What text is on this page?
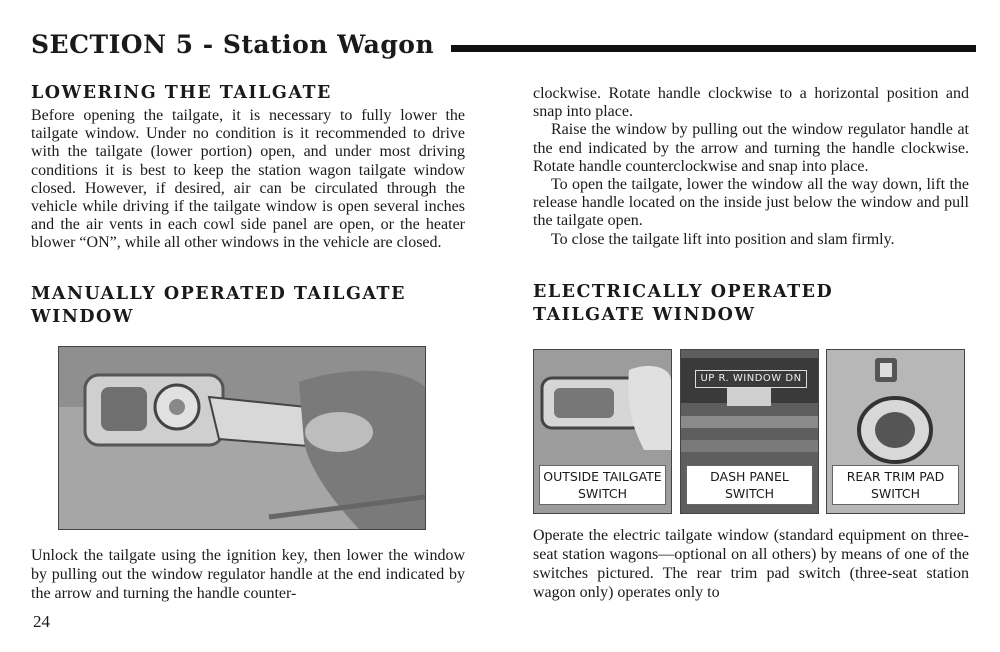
SECTION 5 - Station Wagon
LOWERING THE TAILGATE

Before opening the tailgate, it is necessary to fully lower the tailgate window. Under no condition is it recommended to drive with the tailgate (lower portion) open, and under most driving conditions it is best to keep the station wagon tailgate window closed. However, if desired, air can be circulated through the vehicle while driving if the tailgate window is open several inches and the air vents in each cowl side panel are open, or the heater blower “ON”, while all other windows in the vehicle are closed.

MANUALLY OPERATED TAILGATE
WINDOW

Unlock the tailgate using the ignition key, then lower the window by pulling out the window regulator handle at the end indicated by the arrow and turning the handle counter-

24

clockwise. Rotate handle clockwise to a horizontal position and snap into place.

Raise the window by pulling out the window regulator handle at the end indicated by the arrow and turning the handle clockwise. Rotate handle counterclockwise and snap into place.

To open the tailgate, lower the window all the way down, lift the release handle located on the inside just below the window and pull the tailgate open.

To close the tailgate lift into position and slam firmly.

ELECTRICALLY OPERATED
TAILGATE WINDOW
OUTSIDE TAILGATE
SWITCH
UP R. WINDOW DN
DASH PANEL
SWITCH
REAR TRIM PAD
SWITCH

Operate the electric tailgate window (standard equipment on three-seat station wagons—optional on all others) by means of one of the switches pictured. The rear trim pad switch (three-seat station wagon only) operates only to
